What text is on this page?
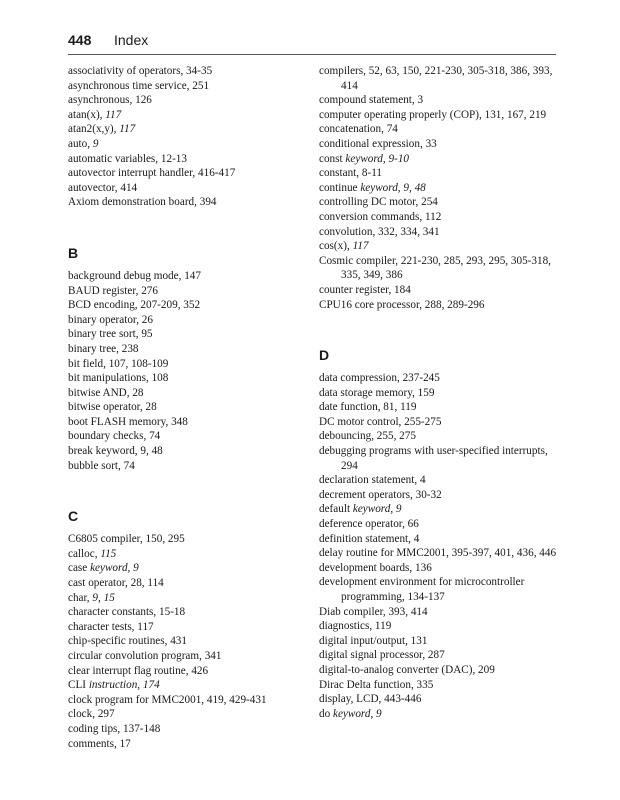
448 Index

associativity of operators, 34-35

asynchronous time service, 251

asynchronous, 126

atan(x), 117

atan2(x,y), 117

auto, 9

automatic variables, 12-13

autovector interrupt handler, 416-417

autovector, 414

Axiom demonstration board, 394

B

background debug mode, 147

BAUD register, 276

BCD encoding, 207-209, 352

binary operator, 26

binary tree sort, 95

binary tree, 238

bit field, 107, 108-109

bit manipulations, 108

bitwise AND, 28

bitwise operator, 28

boot FLASH memory, 348

boundary checks, 74

break keyword, 9, 48

bubble sort, 74

C

C6805 compiler, 150, 295

calloc, 115

case keyword, 9

cast operator, 28, 114

char, 9, 15

character constants, 15-18

character tests, 117

chip-specific routines, 431

circular convolution program, 341

clear interrupt flag routine, 426

CLI instruction, 174

clock program for MMC2001, 419, 429-431

clock, 297

coding tips, 137-148

comments, 17

compilers, 52, 63, 150, 221-230, 305-318, 386, 393, 414

compound statement, 3

computer operating properly (COP), 131, 167, 219

concatenation, 74

conditional expression, 33

const keyword, 9-10

constant, 8-11

continue keyword, 9, 48

controlling DC motor, 254

conversion commands, 112

convolution, 332, 334, 341

cos(x), 117

Cosmic compiler, 221-230, 285, 293, 295, 305-318, 335, 349, 386

counter register, 184

CPU16 core processor, 288, 289-296

D

data compression, 237-245

data storage memory, 159

date function, 81, 119

DC motor control, 255-275

debouncing, 255, 275

debugging programs with user-specified interrupts, 294

declaration statement, 4

decrement operators, 30-32

default keyword, 9

deference operator, 66

definition statement, 4

delay routine for MMC2001, 395-397, 401, 436, 446

development boards, 136

development environment for microcontroller programming, 134-137

Diab compiler, 393, 414

diagnostics, 119

digital input/output, 131

digital signal processor, 287

digital-to-analog converter (DAC), 209

Dirac Delta function, 335

display, LCD, 443-446

do keyword, 9
